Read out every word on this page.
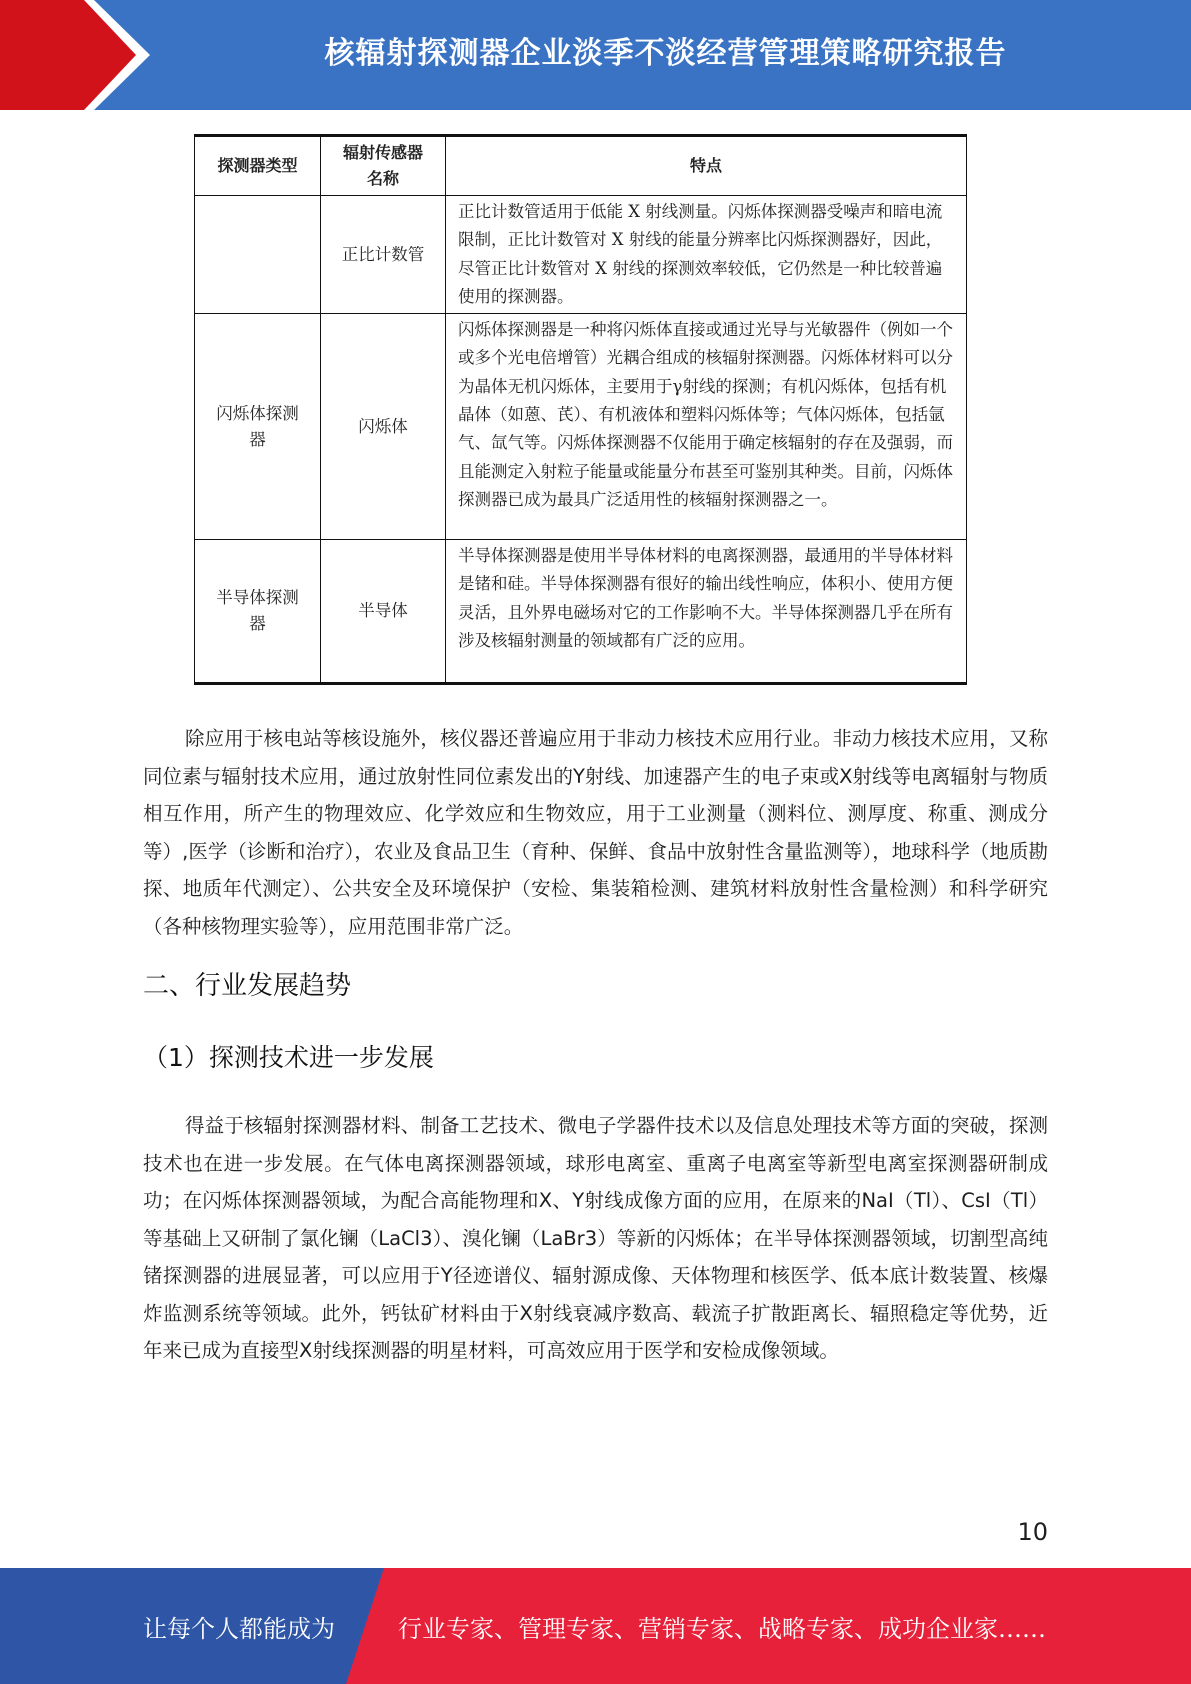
核辐射探测器企业淡季不淡经营管理策略研究报告
探测器类型	辐射传感器名称	特点
	正比计数管	正比计数管适用于低能 X 射线测量。闪烁体探测器受噪声和暗电流限制，正比计数管对 X 射线的能量分辨率比闪烁探测器好，因此，尽管正比计数管对 X 射线的探测效率较低，它仍然是一种比较普遍使用的探测器。
闪烁体探测器	闪烁体	闪烁体探测器是一种将闪烁体直接或通过光导与光敏器件（例如一个或多个光电倍增管）光耦合组成的核辐射探测器。闪烁体材料可以分为晶体无机闪烁体，主要用于γ射线的探测；有机闪烁体，包括有机晶体（如蒽、芪）、有机液体和塑料闪烁体等；气体闪烁体，包括氩气、氙气等。闪烁体探测器不仅能用于确定核辐射的存在及强弱，而且能测定入射粒子能量或能量分布甚至可鉴别其种类。目前，闪烁体探测器已成为最具广泛适用性的核辐射探测器之一。
半导体探测器	半导体	半导体探测器是使用半导体材料的电离探测器，最通用的半导体材料是锗和硅。半导体探测器有很好的输出线性响应，体积小、使用方便灵活，且外界电磁场对它的工作影响不大。半导体探测器几乎在所有涉及核辐射测量的领域都有广泛的应用。

除应用于核电站等核设施外，核仪器还普遍应用于非动力核技术应用行业。非动力核技术应用，又称同位素与辐射技术应用，通过放射性同位素发出的Υ射线、加速器产生的电子束或Χ射线等电离辐射与物质相互作用，所产生的物理效应、化学效应和生物效应，用于工业测量（测料位、测厚度、称重、测成分等）,医学（诊断和治疗），农业及食品卫生（育种、保鲜、食品中放射性含量监测等），地球科学（地质勘探、地质年代测定）、公共安全及环境保护（安检、集装箱检测、建筑材料放射性含量检测）和科学研究（各种核物理实验等），应用范围非常广泛。

二、行业发展趋势
（1）探测技术进一步发展

得益于核辐射探测器材料、制备工艺技术、微电子学器件技术以及信息处理技术等方面的突破，探测技术也在进一步发展。在气体电离探测器领域，球形电离室、重离子电离室等新型电离室探测器研制成功；在闪烁体探测器领域，为配合高能物理和Χ、Υ射线成像方面的应用，在原来的NaI（Tl）、CsI（Tl）等基础上又研制了氯化镧（LaCl3）、溴化镧（LaBr3）等新的闪烁体；在半导体探测器领域，切割型高纯锗探测器的进展显著，可以应用于Υ径迹谱仪、辐射源成像、天体物理和核医学、低本底计数装置、核爆炸监测系统等领域。此外，钙钛矿材料由于Χ射线衰减序数高、载流子扩散距离长、辐照稳定等优势，近年来已成为直接型Χ射线探测器的明星材料，可高效应用于医学和安检成像领域。

10
让每个人都能成为	行业专家、管理专家、营销专家、战略专家、成功企业家……
